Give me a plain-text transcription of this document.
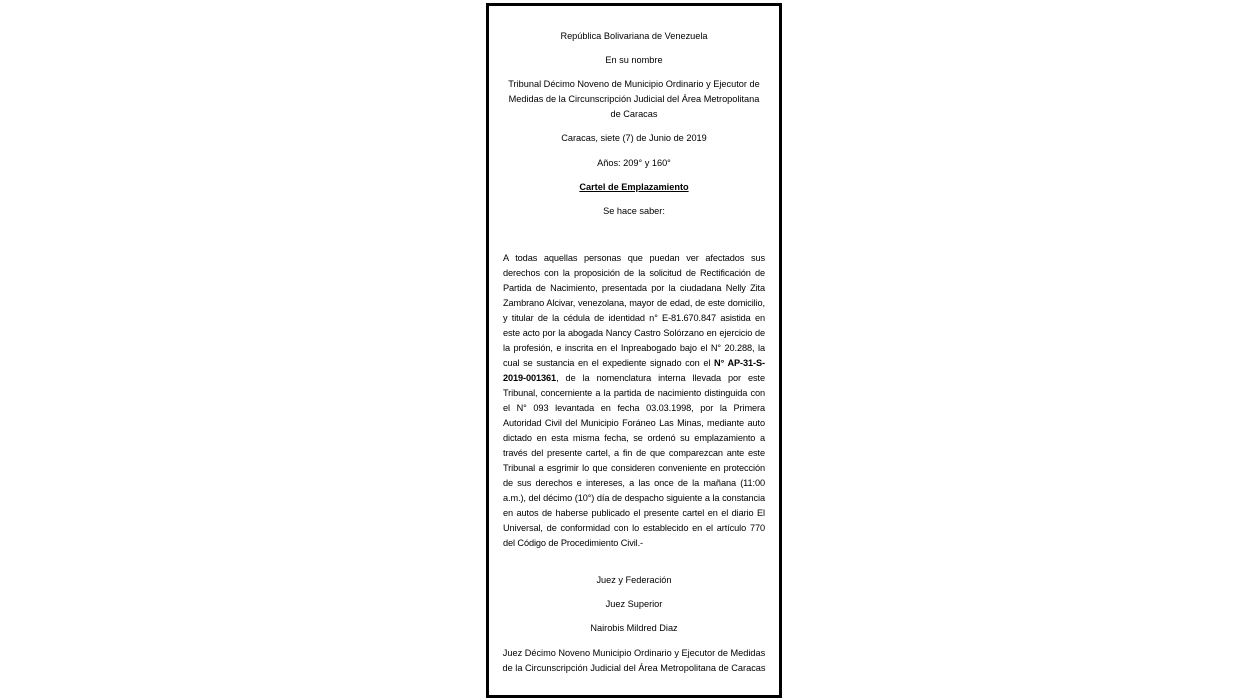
República Bolivariana de Venezuela

En su nombre

Tribunal Décimo Noveno de Municipio Ordinario y Ejecutor de Medidas de la Circunscripción Judicial del Área Metropolitana de Caracas

Caracas, siete (7) de Junio de 2019

Años: 209° y 160°

Cartel de Emplazamiento

Se hace saber:

A todas aquellas personas que puedan ver afectados sus derechos con la proposición de la solicitud de Rectificación de Partida de Nacimiento, presentada por la ciudadana Nelly Zita Zambrano Alcivar, venezolana, mayor de edad, de este domicilio, y titular de la cédula de identidad n° E-81.670.847 asistida en este acto por la abogada Nancy Castro Solórzano en ejercicio de la profesión, e inscrita en el Inpreabogado bajo el N° 20.288, la cual se sustancia en el expediente signado con el N° AP-31-S-2019-001361, de la nomenclatura interna llevada por este Tribunal, concerniente a la partida de nacimiento distinguida con el N° 093 levantada en fecha 03.03.1998, por la Primera Autoridad Civil del Municipio Foráneo Las Minas, mediante auto dictado en esta misma fecha, se ordenó su emplazamiento a través del presente cartel, a fin de que comparezcan ante este Tribunal a esgrimir lo que consideren conveniente en protección de sus derechos e intereses, a las once de la mañana (11:00 a.m.), del décimo (10°) día de despacho siguiente a la constancia en autos de haberse publicado el presente cartel en el diario El Universal, de conformidad con lo establecido en el artículo 770 del Código de Procedimiento Civil.-

Juez y Federación

Juez Superior

Nairobis Mildred Diaz

Juez Décimo Noveno Municipio Ordinario y Ejecutor de Medidas de la Circunscripción Judicial del Área Metropolitana de Caracas
